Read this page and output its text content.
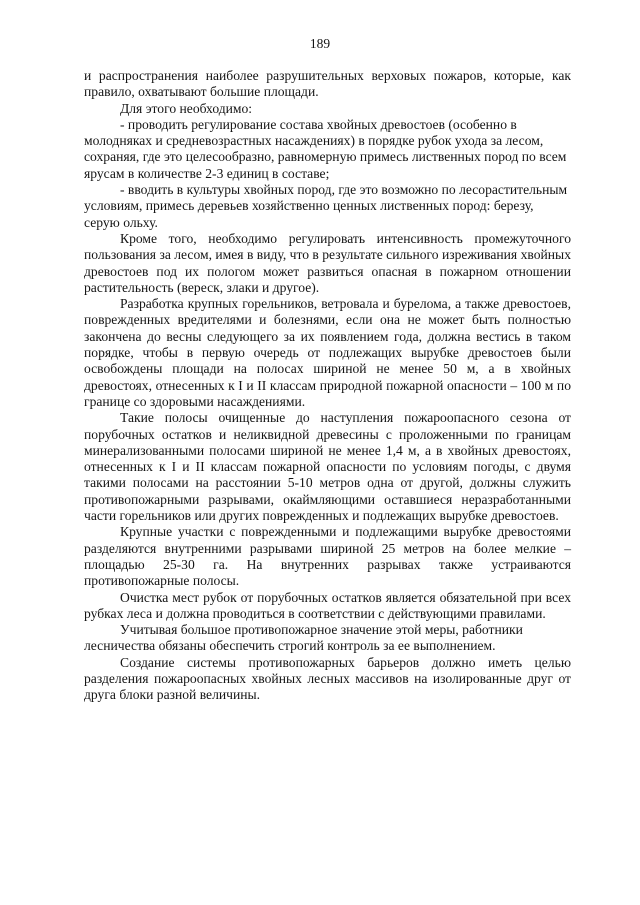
189

и распространения наиболее разрушительных верховых пожаров, которые, как правило, охватывают большие площади.

Для этого необходимо:

- проводить регулирование состава хвойных древостоев (особенно в молодняках и средневозрастных насаждениях) в порядке рубок ухода за лесом, сохраняя, где это целесообразно, равномерную примесь лиственных пород по всем ярусам в количестве 2-3 единиц в составе;

- вводить в культуры хвойных пород, где это возможно по лесорастительным условиям, примесь деревьев хозяйственно ценных лиственных пород: березу, серую ольху.

Кроме того, необходимо регулировать интенсивность промежуточного пользования за лесом, имея в виду, что в результате сильного изреживания хвойных древостоев под их пологом может развиться опасная в пожарном отношении растительность (вереск, злаки и другое).

Разработка крупных горельников, ветровала и бурелома, а также древостоев, поврежденных вредителями и болезнями, если она не может быть полностью закончена до весны следующего за их появлением года, должна вестись в таком порядке, чтобы в первую очередь от подлежащих вырубке древостоев были освобождены площади на полосах шириной не менее 50 м, а в хвойных древостоях, отнесенных к I и II классам природной пожарной опасности – 100 м по границе со здоровыми насаждениями.

Такие полосы очищенные до наступления пожароопасного сезона от порубочных остатков и неликвидной древесины с проложенными по границам минерализованными полосами шириной не менее 1,4 м, а в хвойных древостоях, отнесенных к I и II классам пожарной опасности по условиям погоды, с двумя такими полосами на расстоянии 5-10 метров одна от другой, должны служить противопожарными разрывами, окаймляющими оставшиеся неразработанными части горельников или других поврежденных и подлежащих вырубке древостоев.

Крупные участки с поврежденными и подлежащими вырубке древостоями разделяются внутренними разрывами шириной 25 метров на более мелкие – площадью 25-30 га. На внутренних разрывах также устраиваются противопожарные полосы.

Очистка мест рубок от порубочных остатков является обязательной при всех рубках леса и должна проводиться в соответствии с действующими правилами.

Учитывая большое противопожарное значение этой меры, работники лесничества обязаны обеспечить строгий контроль за ее выполнением.

Создание системы противопожарных барьеров должно иметь целью разделения пожароопасных хвойных лесных массивов на изолированные друг от друга блоки разной величины.
